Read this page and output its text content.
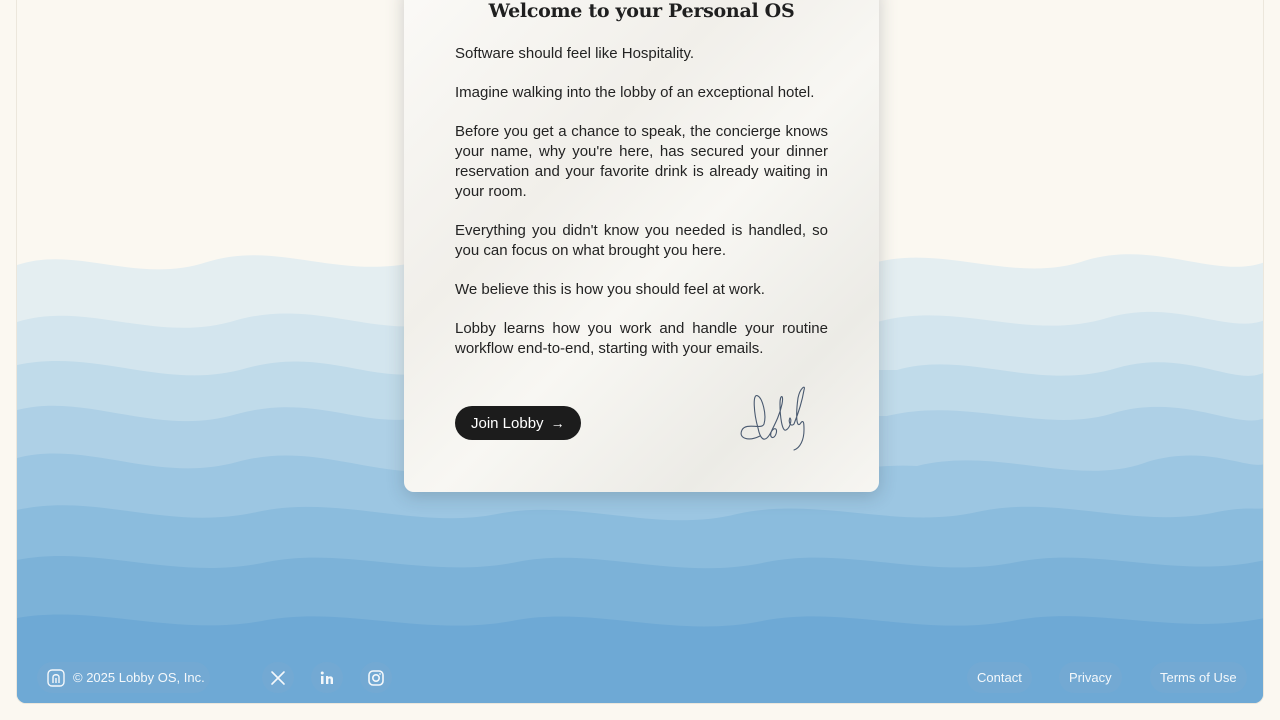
Welcome to your Personal OS

Software should feel like Hospitality.

Imagine walking into the lobby of an exceptional hotel.

Before you get a chance to speak, the concierge knows your name, why you're here, has secured your dinner reservation and your favorite drink is already waiting in your room.

Everything you didn't know you needed is handled, so you can focus on what brought you here.

We believe this is how you should feel at work.

Lobby learns how you work and handle your routine workflow end-to-end, starting with your emails.

Join Lobby →
© 2025 Lobby OS, Inc.	Contact	Privacy	Terms of Use
